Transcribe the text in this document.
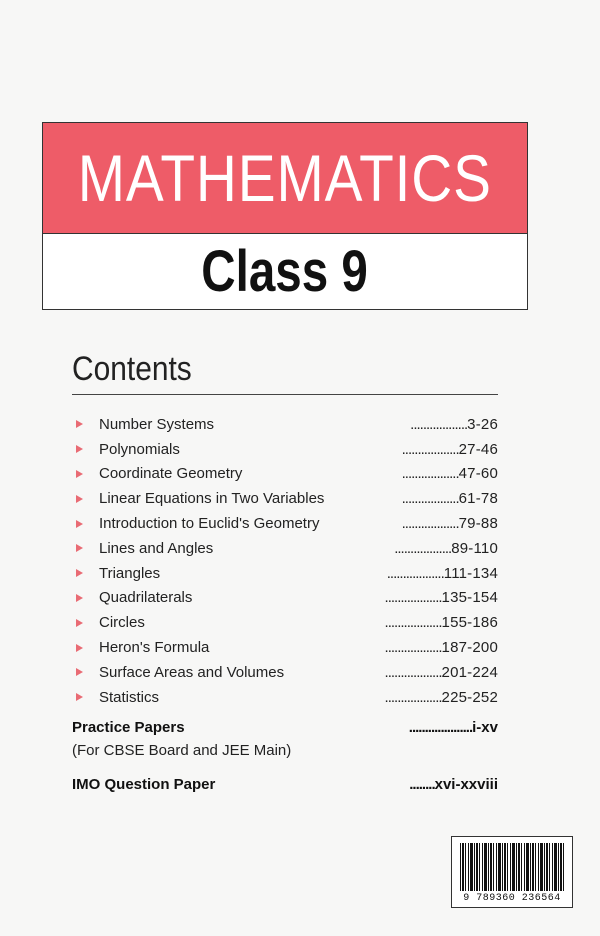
MATHEMATICS
Class 9
Contents
Number Systems	..................3-26
Polynomials	..................27-46
Coordinate Geometry	..................47-60
Linear Equations in Two Variables	..................61-78
Introduction to Euclid's Geometry	..................79-88
Lines and Angles	..................89-110
Triangles	..................111-134
Quadrilaterals	..................135-154
Circles	..................155-186
Heron's Formula	..................187-200
Surface Areas and Volumes	..................201-224
Statistics	..................225-252
Practice Papers	....................i-xv
(For CBSE Board and JEE Main)
IMO Question Paper	........xvi-xxviii
9 789360 236564
